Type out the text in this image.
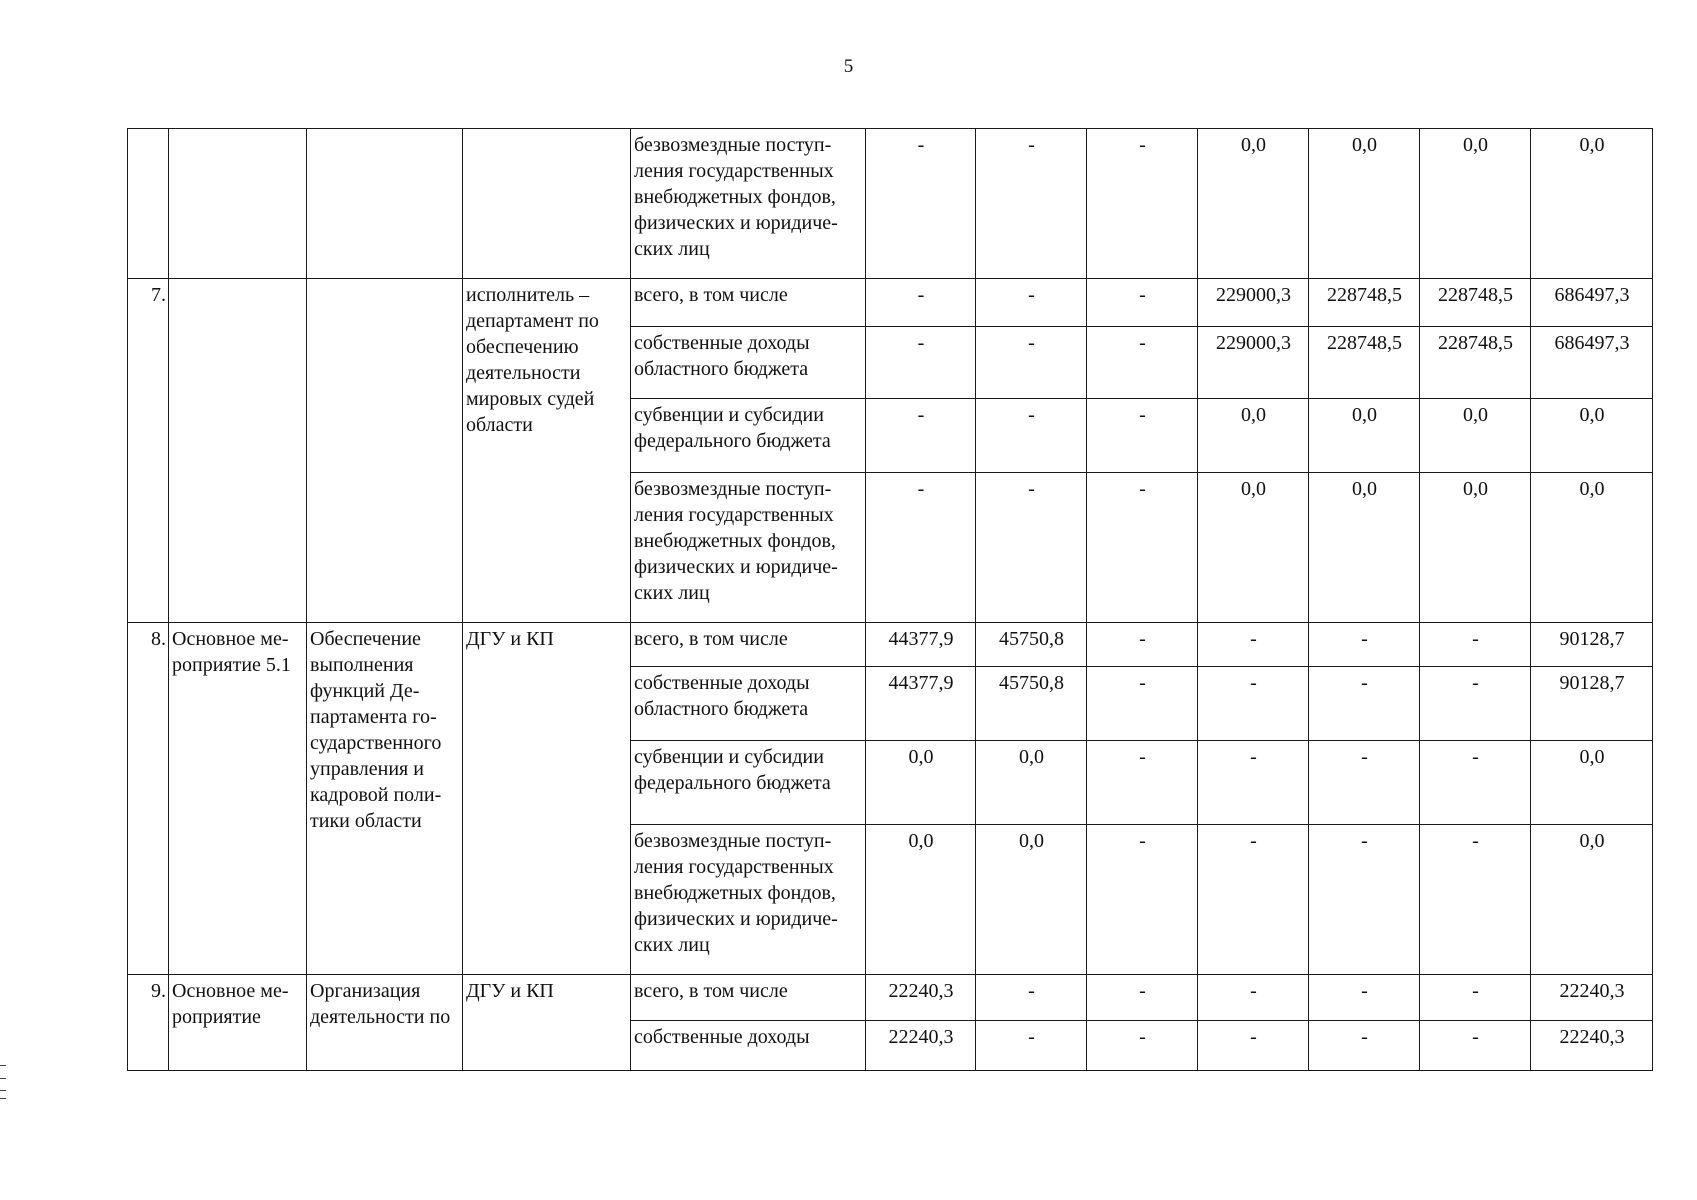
5
				безвозмездные поступ-ления государственных внебюджетных фондов, физических и юридиче-ских лиц	-	-	-	0,0	0,0	0,0	0,0
7.			исполнитель – департамент по обеспечению деятельности мировых судей области	всего, в том числе	-	-	-	229000,3	228748,5	228748,5	686497,3
				собственные доходы областного бюджета	-	-	-	229000,3	228748,5	228748,5	686497,3
				субвенции и субсидии федерального бюджета	-	-	-	0,0	0,0	0,0	0,0
				безвозмездные поступ-ления государственных внебюджетных фондов, физических и юридиче-ских лиц	-	-	-	0,0	0,0	0,0	0,0
8.	Основное ме-роприятие 5.1	Обеспечение выполнения функций Де-партамента го-сударственного управления и кадровой поли-тики области	ДГУ и КП	всего, в том числе	44377,9	45750,8	-	-	-	-	90128,7
				собственные доходы областного бюджета	44377,9	45750,8	-	-	-	-	90128,7
				субвенции и субсидии федерального бюджета	0,0	0,0	-	-	-	-	0,0
				безвозмездные поступ-ления государственных внебюджетных фондов, физических и юридиче-ских лиц	0,0	0,0	-	-	-	-	0,0
9.	Основное ме-роприятие	Организация деятельности по	ДГУ и КП	всего, в том числе	22240,3	-	-	-	-	-	22240,3
				собственные доходы	22240,3	-	-	-	-	-	22240,3
